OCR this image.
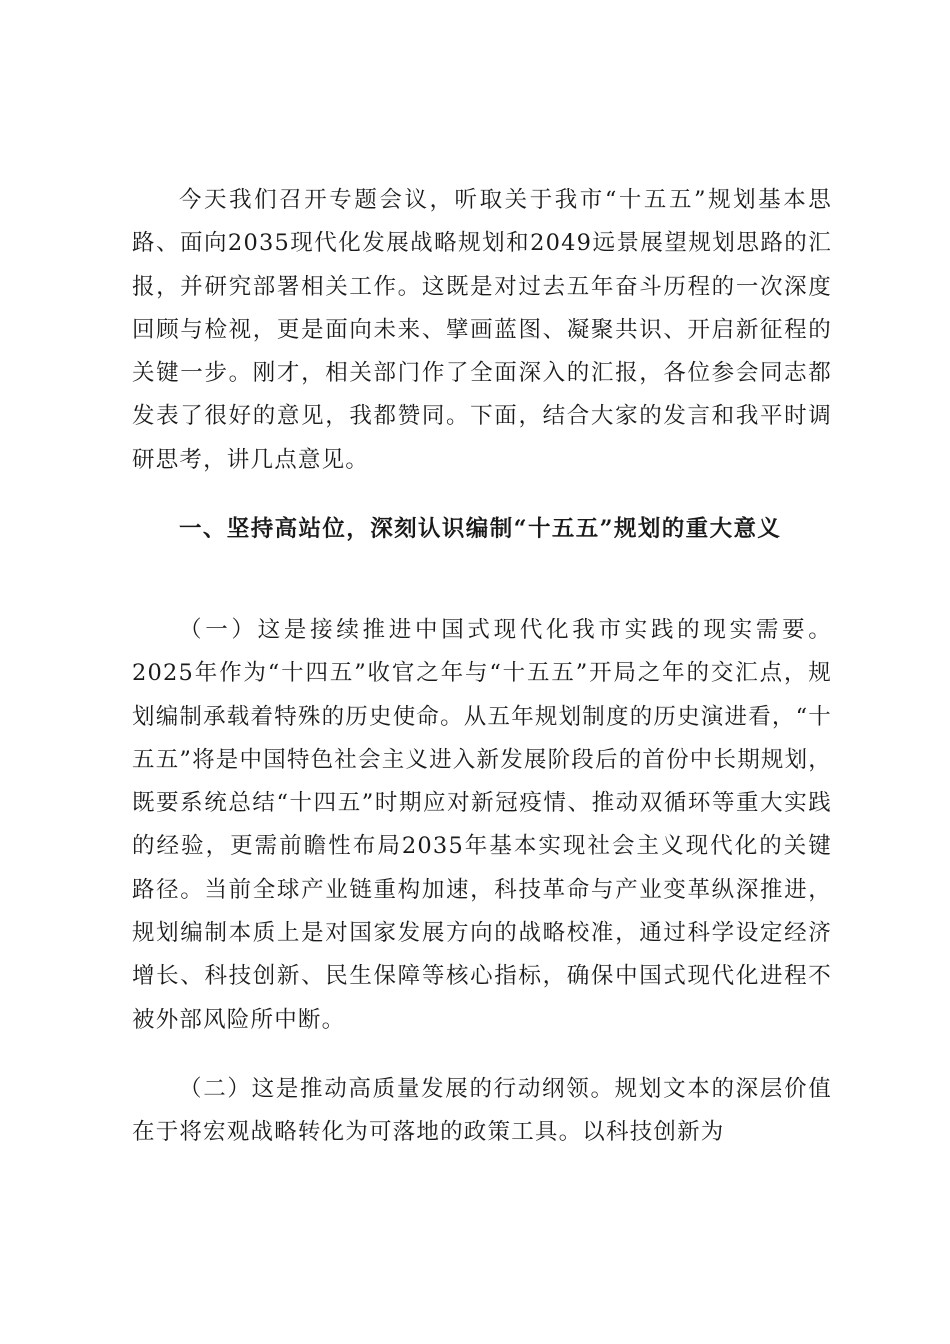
今天我们召开专题会议，听取关于我市“十五五”规划基本思路、面向2035现代化发展战略规划和2049远景展望规划思路的汇报，并研究部署相关工作。这既是对过去五年奋斗历程的一次深度回顾与检视，更是面向未来、擘画蓝图、凝聚共识、开启新征程的关键一步。刚才，相关部门作了全面深入的汇报，各位参会同志都发表了很好的意见，我都赞同。下面，结合大家的发言和我平时调研思考，讲几点意见。

一、坚持高站位，深刻认识编制“十五五”规划的重大意义

（一）这是接续推进中国式现代化我市实践的现实需要。2025年作为“十四五”收官之年与“十五五”开局之年的交汇点，规划编制承载着特殊的历史使命。从五年规划制度的历史演进看，“十五五”将是中国特色社会主义进入新发展阶段后的首份中长期规划，既要系统总结“十四五”时期应对新冠疫情、推动双循环等重大实践的经验，更需前瞻性布局2035年基本实现社会主义现代化的关键路径。当前全球产业链重构加速，科技革命与产业变革纵深推进，规划编制本质上是对国家发展方向的战略校准，通过科学设定经济增长、科技创新、民生保障等核心指标，确保中国式现代化进程不被外部风险所中断。

（二）这是推动高质量发展的行动纲领。规划文本的深层价值在于将宏观战略转化为可落地的政策工具。以科技创新为
